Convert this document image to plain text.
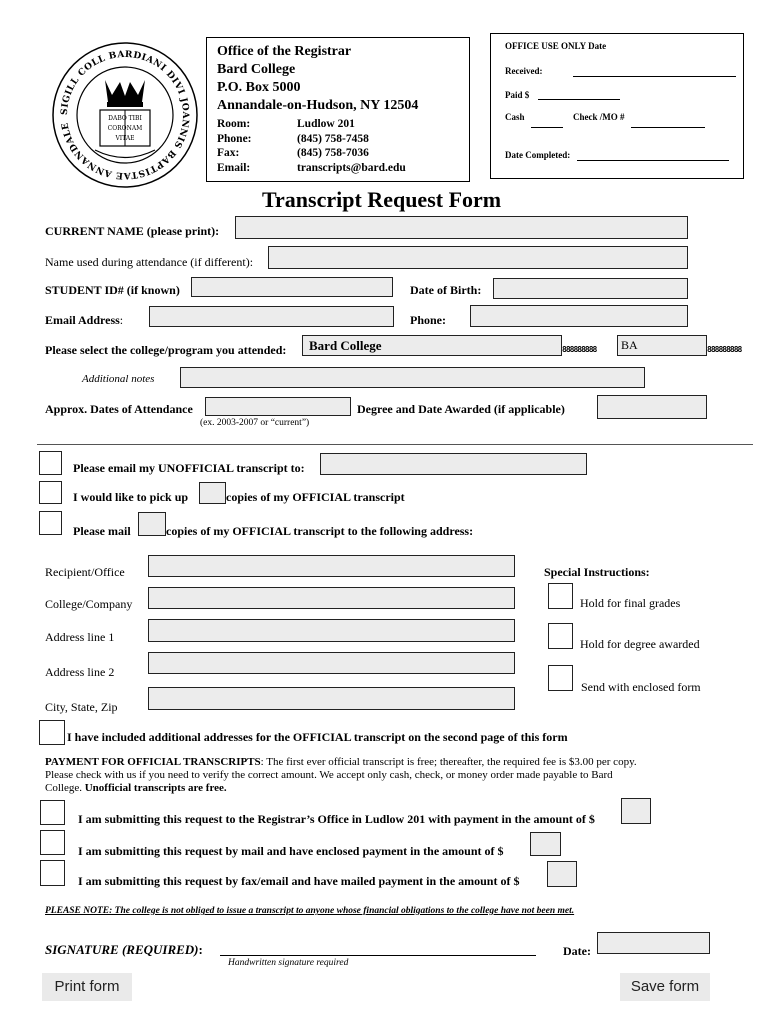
SIGILL COLL BARDIANI DIVI JOANNIS BAPTISTAE ANNANDALE
DABO TIBI
CORONAM
VITAE
Office of the Registrar
Bard College
P.O. Box 5000
Annandale-on-Hudson, NY 12504
Room:	Ludlow 201
Phone:	(845) 758-7458
Fax:	(845) 758-7036
Email:	transcripts@bard.edu
OFFICE USE ONLY Date
Received:
Paid $
Cash	Check /MO #
Date Completed:
Transcript Request Form
CURRENT NAME (please print):
Name used during attendance (if different):
STUDENT ID# (if known)	Date of Birth:
Email Address:	Phone:
Please select the college/program you attended:	Bard College	888888888	BA	888888888
Additional notes
Approx. Dates of Attendance
(ex. 2003-2007 or “current”)
Degree and Date Awarded (if applicable)
Please email my UNOFFICIAL transcript to:
I would like to pick up	copies of my OFFICIAL transcript
Please mail	copies of my OFFICIAL transcript to the following address:
Recipient/Office
College/Company
Address line 1
Address line 2
City, State, Zip
Special Instructions:
Hold for final grades
Hold for degree awarded
Send with enclosed form
I have included additional addresses for the OFFICIAL transcript on the second page of this form
PAYMENT FOR OFFICIAL TRANSCRIPTS: The first ever official transcript is free; thereafter, the required fee is $3.00 per copy.
Please check with us if you need to verify the correct amount. We accept only cash, check, or money order made payable to Bard
College. Unofficial transcripts are free.
I am submitting this request to the Registrar’s Office in Ludlow 201 with payment in the amount of $
I am submitting this request by mail and have enclosed payment in the amount of $
I am submitting this request by fax/email and have mailed payment in the amount of $
PLEASE NOTE: The college is not obliged to issue a transcript to anyone whose financial obligations to the college have not been met.
SIGNATURE (REQUIRED):
Handwritten signature required
Date:
Print form	Save form
